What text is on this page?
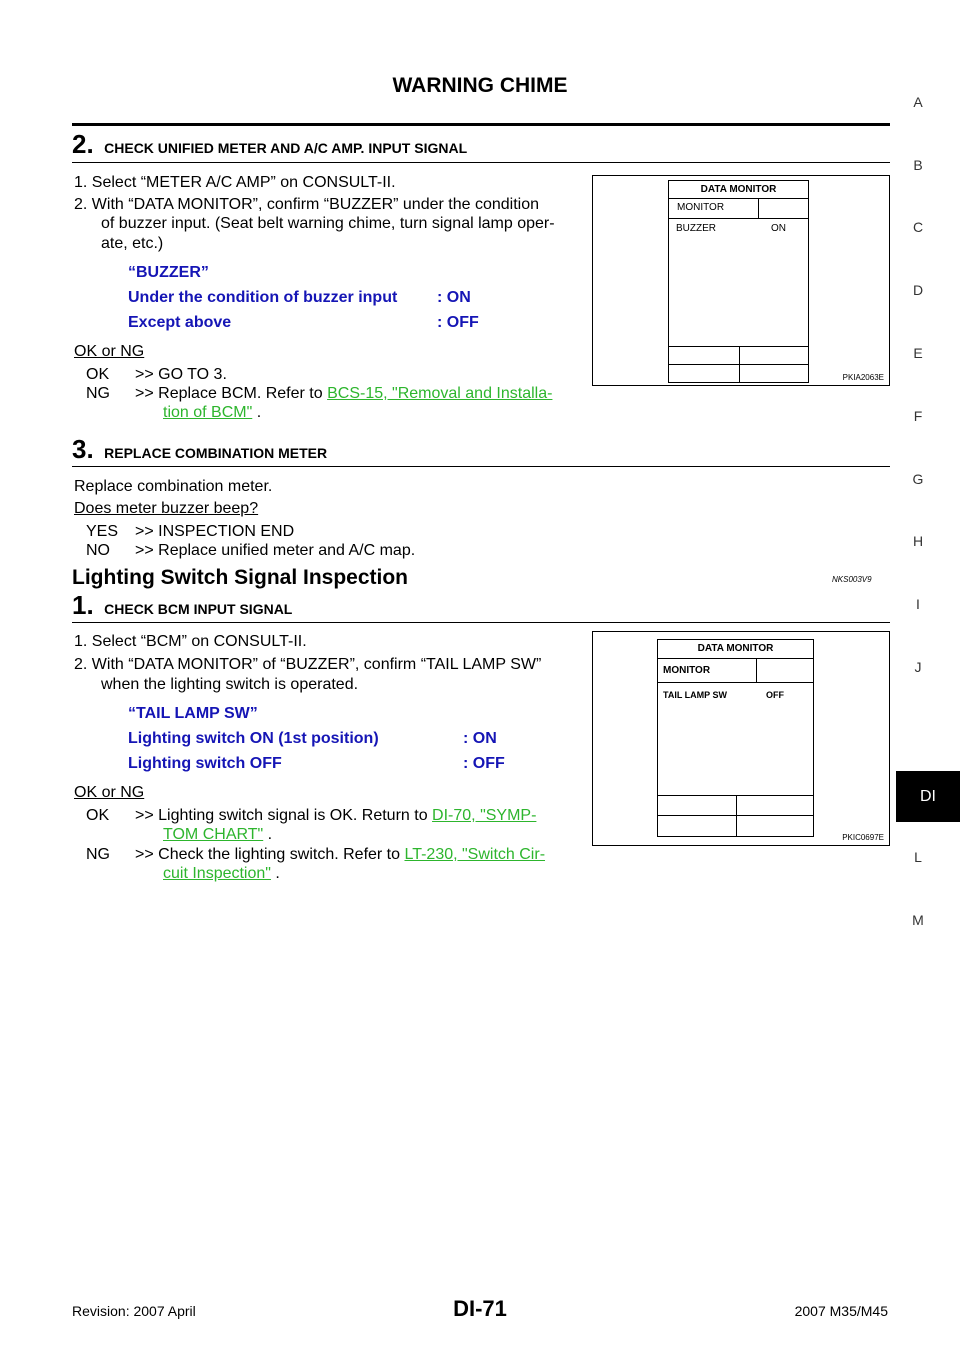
WARNING CHIME
A
B
C
D
E
F
G
H
I
J
DI
L
M
2. CHECK UNIFIED METER AND A/C AMP. INPUT SIGNAL
1. Select “METER A/C AMP” on CONSULT-II.
2. With “DATA MONITOR”, confirm “BUZZER” under the condition
of buzzer input. (Seat belt warning chime, turn signal lamp oper-
ate, etc.)
“BUZZER”
Under the condition of buzzer input : ON
Except above	: OFF
OK or NG
OK >> GO TO 3.
NG >> Replace BCM. Refer to BCS-15, "Removal and Installa-
tion of BCM" .
DATA MONITOR
MONITOR
BUZZER	ON
PKIA2063E
3. REPLACE COMBINATION METER
Replace combination meter.
Does meter buzzer beep?
YES >> INSPECTION END
NO >> Replace unified meter and A/C map.
Lighting Switch Signal Inspection	NKS003V9
1. CHECK BCM INPUT SIGNAL
1. Select “BCM” on CONSULT-II.
2. With “DATA MONITOR” of “BUZZER”, confirm “TAIL LAMP SW”
when the lighting switch is operated.
“TAIL LAMP SW”
Lighting switch ON (1st position)	: ON
Lighting switch OFF	: OFF
OK or NG
OK >> Lighting switch signal is OK. Return to DI-70, "SYMP-
TOM CHART" .
NG >> Check the lighting switch. Refer to LT-230, "Switch Cir-
cuit Inspection" .
DATA MONITOR
MONITOR
TAIL LAMP SW	OFF
PKIC0697E
Revision: 2007 April	DI-71	2007 M35/M45
